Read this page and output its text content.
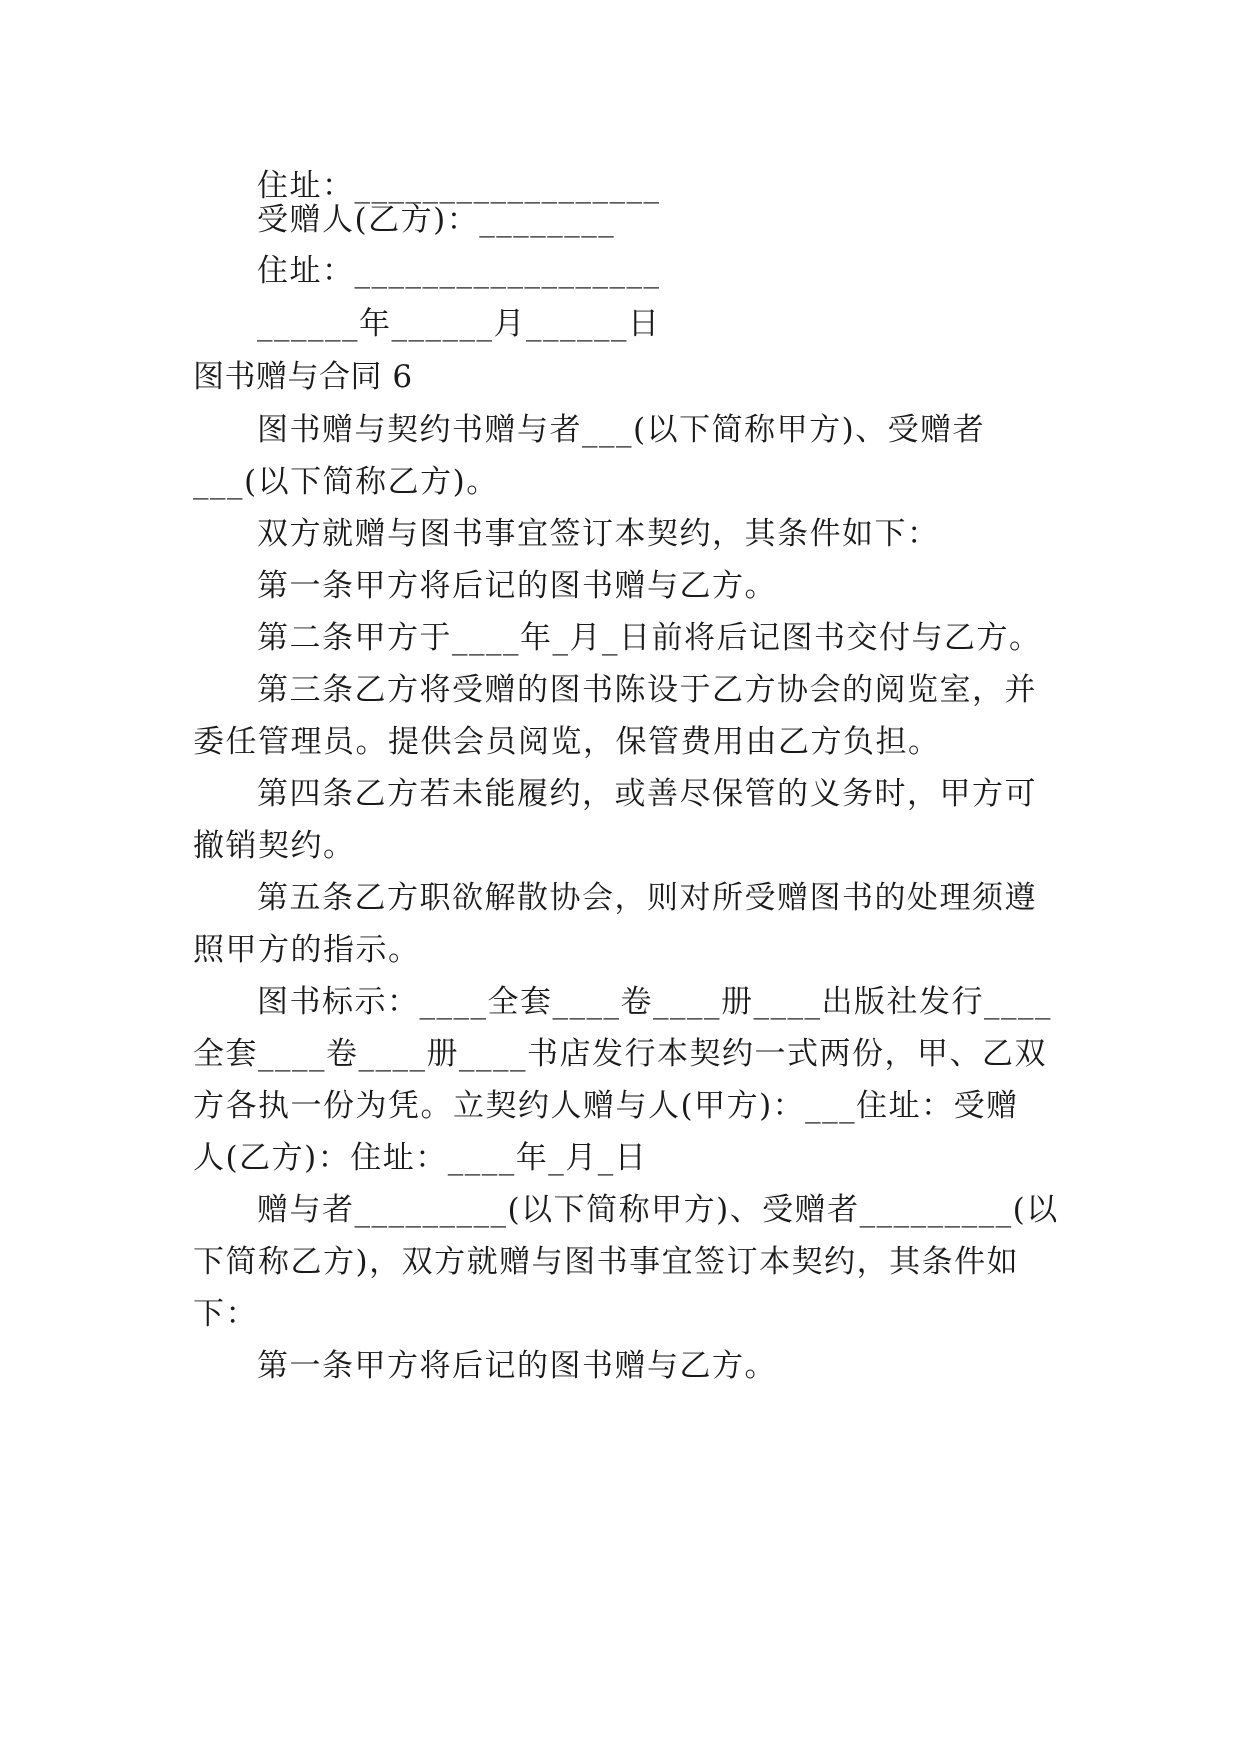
住址：__________________
受赠人(乙方)：________
住址：__________________
______年______月______日
图书赠与合同 6
图书赠与契约书赠与者___(以下简称甲方)、受赠者
___(以下简称乙方)。
双方就赠与图书事宜签订本契约，其条件如下：
第一条甲方将后记的图书赠与乙方。
第二条甲方于____年_月_日前将后记图书交付与乙方。
第三条乙方将受赠的图书陈设于乙方协会的阅览室，并
委任管理员。提供会员阅览，保管费用由乙方负担。
第四条乙方若未能履约，或善尽保管的义务时，甲方可
撤销契约。
第五条乙方职欲解散协会，则对所受赠图书的处理须遵
照甲方的指示。
图书标示：____全套____卷____册____出版社发行____
全套____卷____册____书店发行本契约一式两份，甲、乙双
方各执一份为凭。立契约人赠与人(甲方)：___住址：受赠
人(乙方)：住址：____年_月_日
赠与者_________(以下简称甲方)、受赠者_________(以
下简称乙方)，双方就赠与图书事宜签订本契约，其条件如
下：
第一条甲方将后记的图书赠与乙方。
